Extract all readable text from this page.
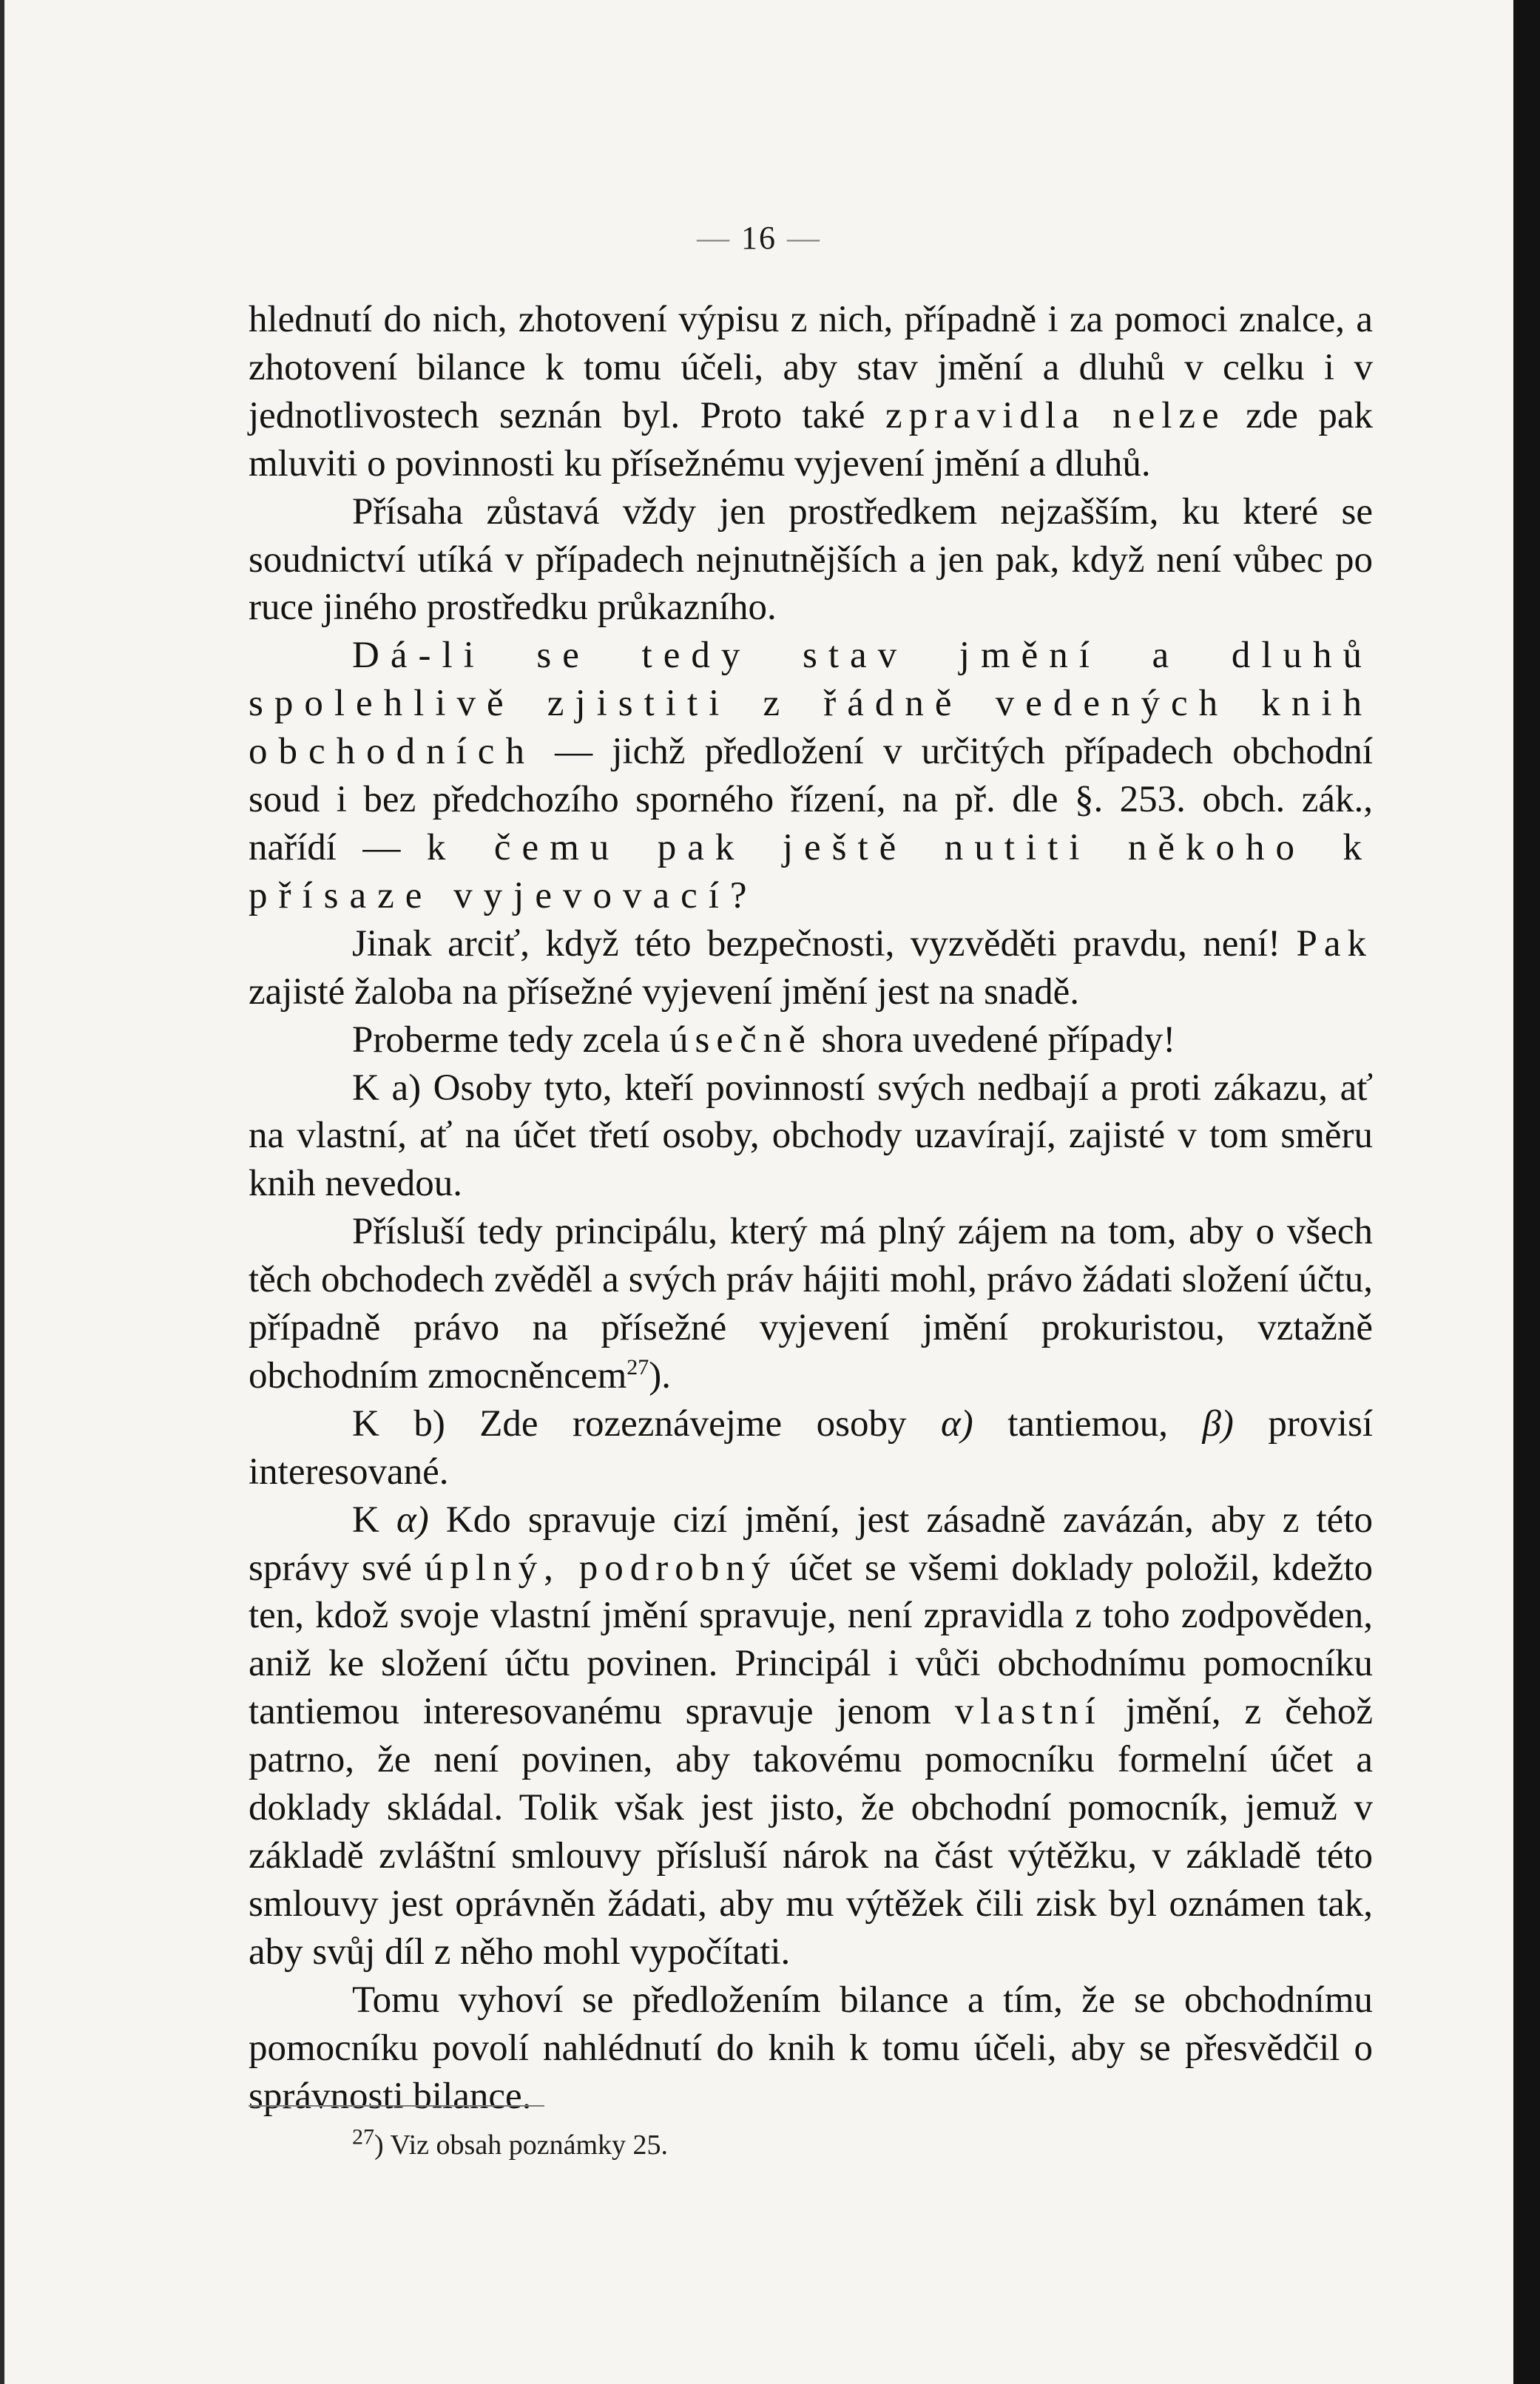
— 16 —

hlednutí do nich, zhotovení výpisu z nich, případně i za pomoci znalce, a zhotovení bilance k tomu účeli, aby stav jmění a dluhů v celku i v jednotlivostech seznán byl. Proto také zpravidla nelze zde pak mluviti o povinnosti ku přísežnému vyjevení jmění a dluhů.

Přísaha zůstavá vždy jen prostředkem nejzašším, ku které se soudnictví utíká v případech nejnutnějších a jen pak, když není vůbec po ruce jiného prostředku průkazního.

Dá-li se tedy stav jmění a dluhů spolehlivě zjistiti z řádně vedených knih obchodních — jichž předložení v určitých případech obchodní soud i bez předchozího sporného řízení, na př. dle §. 253. obch. zák., nařídí — k čemu pak ještě nutiti někoho k přísaze vyjevovací?

Jinak arciť, když této bezpečnosti, vyzvěděti pravdu, není! Pak zajisté žaloba na přísežné vyjevení jmění jest na snadě.

Proberme tedy zcela úsečně shora uvedené případy!

K a) Osoby tyto, kteří povinností svých nedbají a proti zákazu, ať na vlastní, ať na účet třetí osoby, obchody uzavírají, zajisté v tom směru knih nevedou.

Přísluší tedy principálu, který má plný zájem na tom, aby o všech těch obchodech zvěděl a svých práv hájiti mohl, právo žádati složení účtu, případně právo na přísežné vyjevení jmění prokuristou, vztažně obchodním zmocněncem$^{27}$).

K b) Zde rozeznávejme osoby α) tantiemou, β) provisí interesované.

K α) Kdo spravuje cizí jmění, jest zásadně zavázán, aby z této správy své úplný, podrobný účet se všemi doklady položil, kdežto ten, kdož svoje vlastní jmění spravuje, není zpravidla z toho zodpověden, aniž ke složení účtu povinen. Principál i vůči obchodnímu pomocníku tantiemou interesovanému spravuje jenom vlastní jmění, z čehož patrno, že není povinen, aby takovému pomocníku formelní účet a doklady skládal. Tolik však jest jisto, že obchodní pomocník, jemuž v základě zvláštní smlouvy přísluší nárok na část výtěžku, v základě této smlouvy jest oprávněn žádati, aby mu výtěžek čili zisk byl oznámen tak, aby svůj díl z něho mohl vypočítati.

Tomu vyhoví se předložením bilance a tím, že se obchodnímu pomocníku povolí nahlédnutí do knih k tomu účeli, aby se přesvědčil o správnosti bilance.

$^{27}$) Viz obsah poznámky 25.
